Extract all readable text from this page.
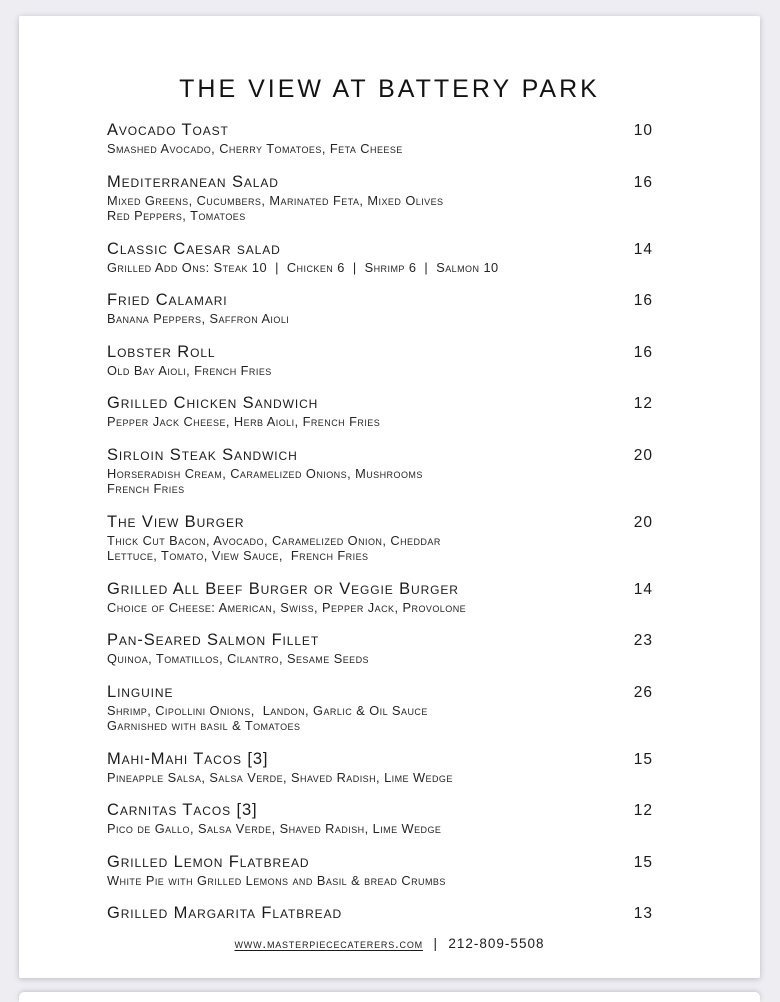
THE VIEW AT BATTERY PARK
Avocado Toast	10
Smashed Avocado, Cherry Tomatoes, Feta Cheese
Mediterranean Salad	16
Mixed Greens, Cucumbers, Marinated Feta, Mixed Olives
Red Peppers, Tomatoes
Classic Caesar salad	14
Grilled Add Ons: Steak 10  |  Chicken 6  |  Shrimp 6  |  Salmon 10
Fried Calamari	16
Banana Peppers, Saffron Aioli
Lobster Roll	16
Old Bay Aioli, French Fries
Grilled Chicken Sandwich	12
Pepper Jack Cheese, Herb Aioli, French Fries
Sirloin Steak Sandwich	20
Horseradish Cream, Caramelized Onions, Mushrooms
French Fries
The View Burger	20
Thick Cut Bacon, Avocado, Caramelized Onion, Cheddar
Lettuce, Tomato, View Sauce,  French Fries
Grilled All Beef Burger or Veggie Burger	14
Choice of Cheese: American, Swiss, Pepper Jack, Provolone
Pan-Seared Salmon Fillet	23
Quinoa, Tomatillos, Cilantro, Sesame Seeds
Linguine	26
Shrimp, Cipollini Onions,  Landon, Garlic & Oil Sauce
Garnished with basil & Tomatoes
Mahi-Mahi Tacos [3]	15
Pineapple Salsa, Salsa Verde, Shaved Radish, Lime Wedge
Carnitas Tacos [3]	12
Pico de Gallo, Salsa Verde, Shaved Radish, Lime Wedge
Grilled Lemon Flatbread	15
White Pie with Grilled Lemons and Basil & bread Crumbs
Grilled Margarita Flatbread	13
www.masterpiececaterers.com | 212-809-5508
